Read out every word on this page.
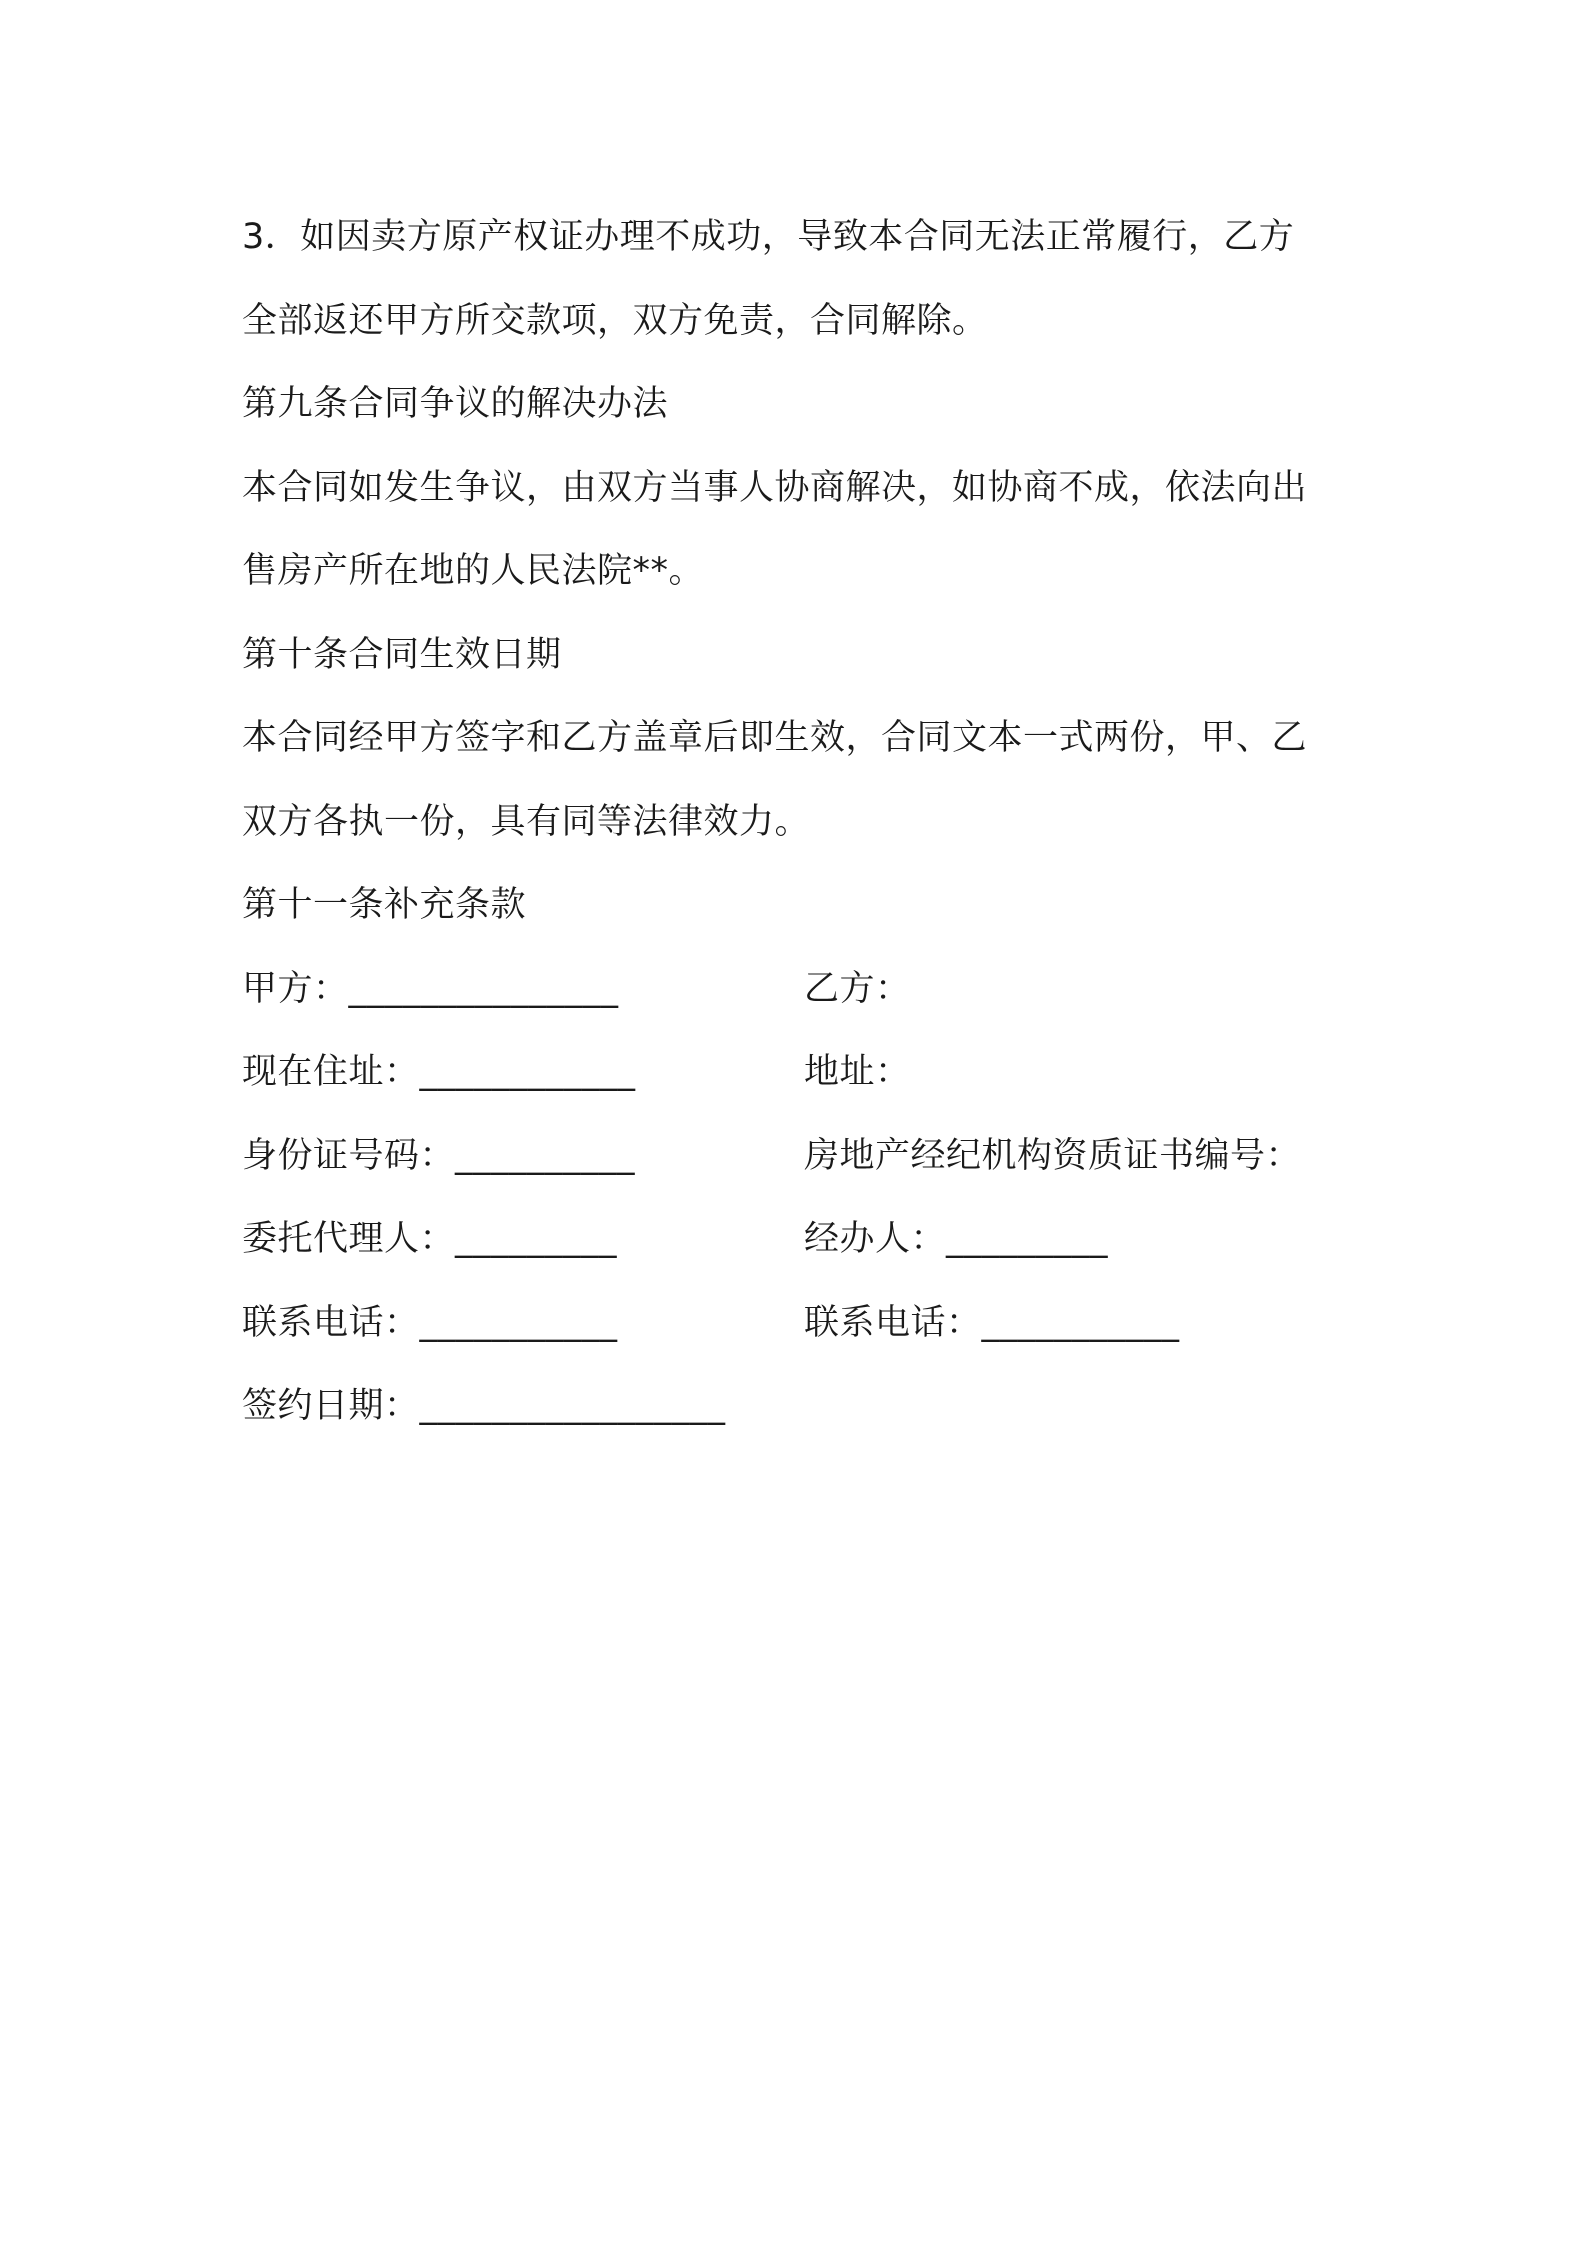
3．如因卖方原产权证办理不成功，导致本合同无法正常履行，乙方
全部返还甲方所交款项，双方免责，合同解除。
第九条合同争议的解决办法
本合同如发生争议，由双方当事人协商解决，如协商不成，依法向出
售房产所在地的人民法院**。
第十条合同生效日期
本合同经甲方签字和乙方盖章后即生效，合同文本一式两份，甲、乙
双方各执一份，具有同等法律效力。
第十一条补充条款
甲方：_______________	乙方：
现在住址：____________	地址：
身份证号码：__________	房地产经纪机构资质证书编号：
委托代理人：_________	经办人：_________
联系电话：___________	联系电话：___________
签约日期：_________________
